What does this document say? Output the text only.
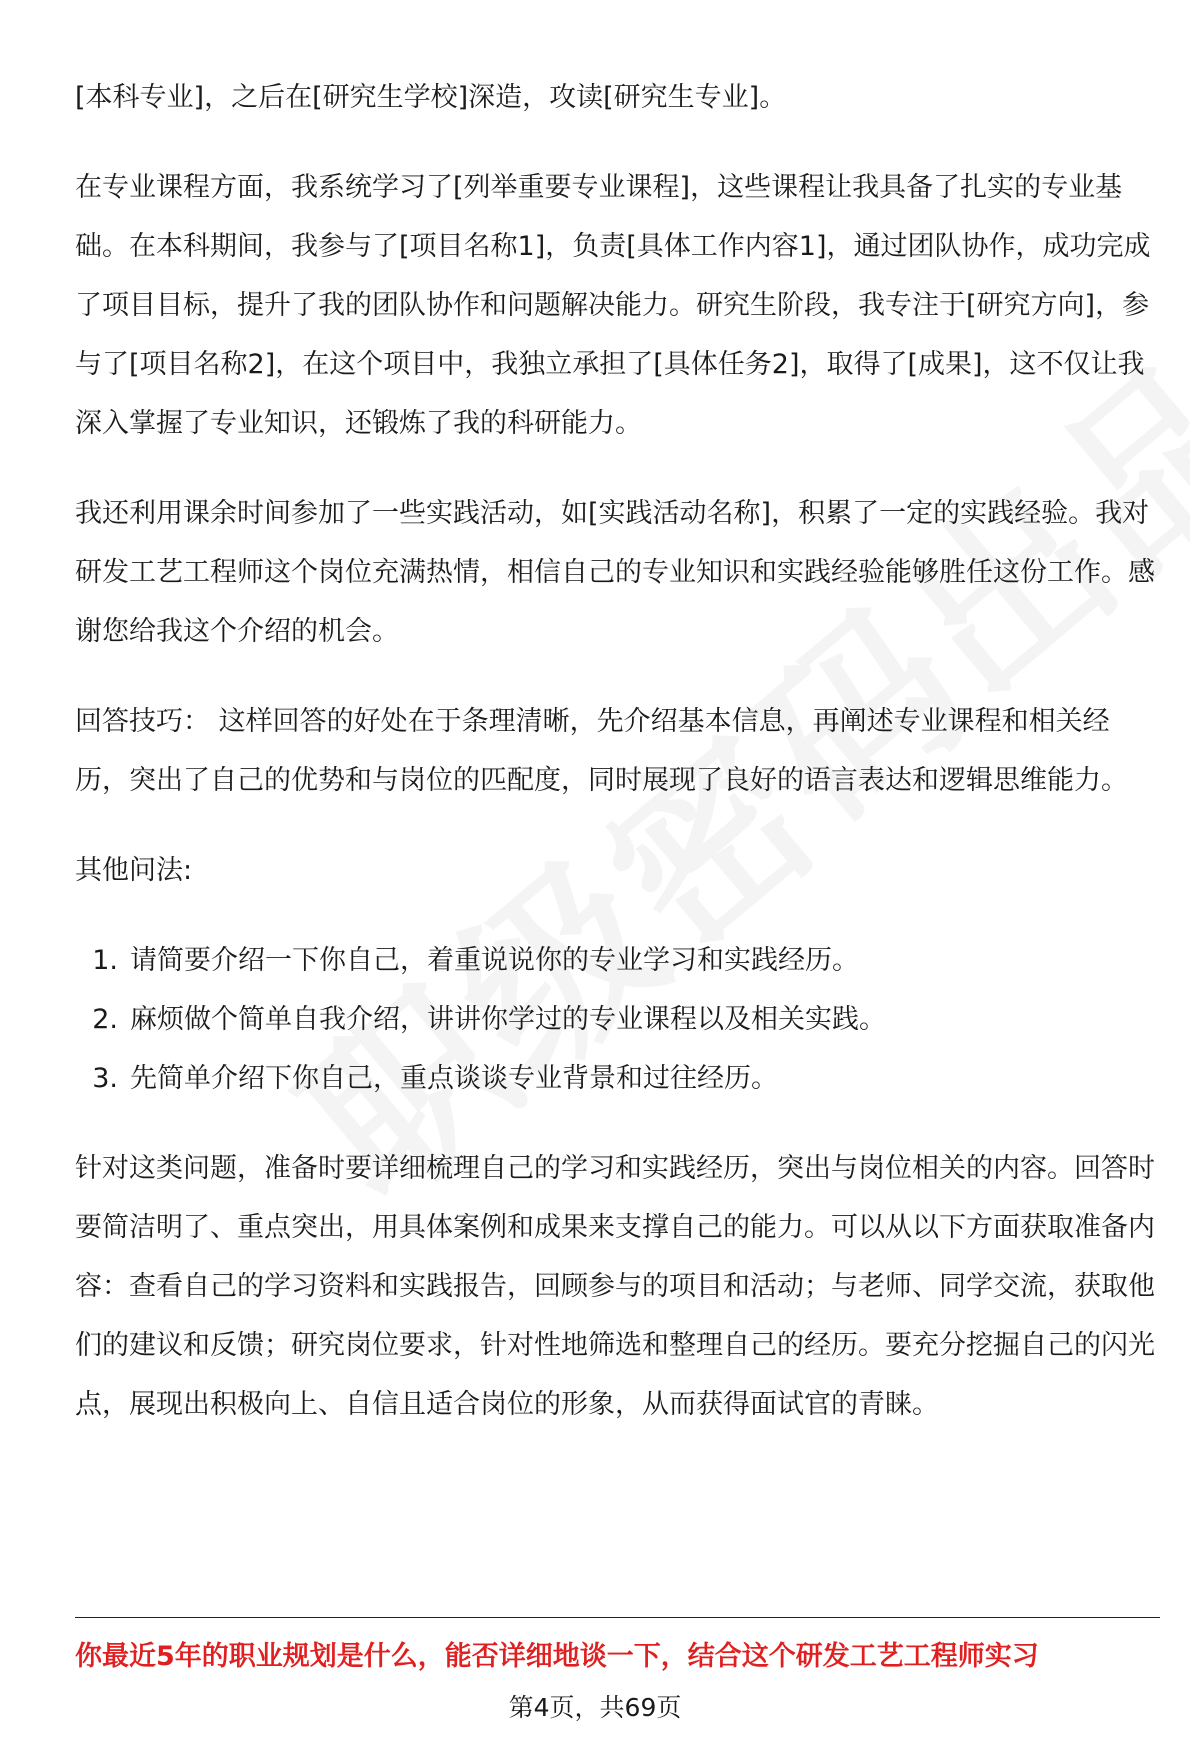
[本科专业]，之后在[研究生学校]深造，攻读[研究生专业]。

在专业课程方面，我系统学习了[列举重要专业课程]，这些课程让我具备了扎实的专业基础。在本科期间，我参与了[项目名称1]，负责[具体工作内容1]，通过团队协作，成功完成了项目目标，提升了我的团队协作和问题解决能力。研究生阶段，我专注于[研究方向]，参与了[项目名称2]，在这个项目中，我独立承担了[具体任务2]，取得了[成果]，这不仅让我深入掌握了专业知识，还锻炼了我的科研能力。

我还利用课余时间参加了一些实践活动，如[实践活动名称]，积累了一定的实践经验。我对研发工艺工程师这个岗位充满热情，相信自己的专业知识和实践经验能够胜任这份工作。感谢您给我这个介绍的机会。

回答技巧： 这样回答的好处在于条理清晰，先介绍基本信息，再阐述专业课程和相关经历，突出了自己的优势和与岗位的匹配度，同时展现了良好的语言表达和逻辑思维能力。

其他问法:

1. 请简要介绍一下你自己，着重说说你的专业学习和实践经历。
2. 麻烦做个简单自我介绍，讲讲你学过的专业课程以及相关实践。
3. 先简单介绍下你自己，重点谈谈专业背景和过往经历。

针对这类问题，准备时要详细梳理自己的学习和实践经历，突出与岗位相关的内容。回答时要简洁明了、重点突出，用具体案例和成果来支撑自己的能力。可以从以下方面获取准备内容：查看自己的学习资料和实践报告，回顾参与的项目和活动；与老师、同学交流，获取他们的建议和反馈；研究岗位要求，针对性地筛选和整理自己的经历。要充分挖掘自己的闪光点，展现出积极向上、自信且适合岗位的形象，从而获得面试官的青睐。

你最近5年的职业规划是什么，能否详细地谈一下，结合这个研发工艺工程师实习
第4页，共69页
